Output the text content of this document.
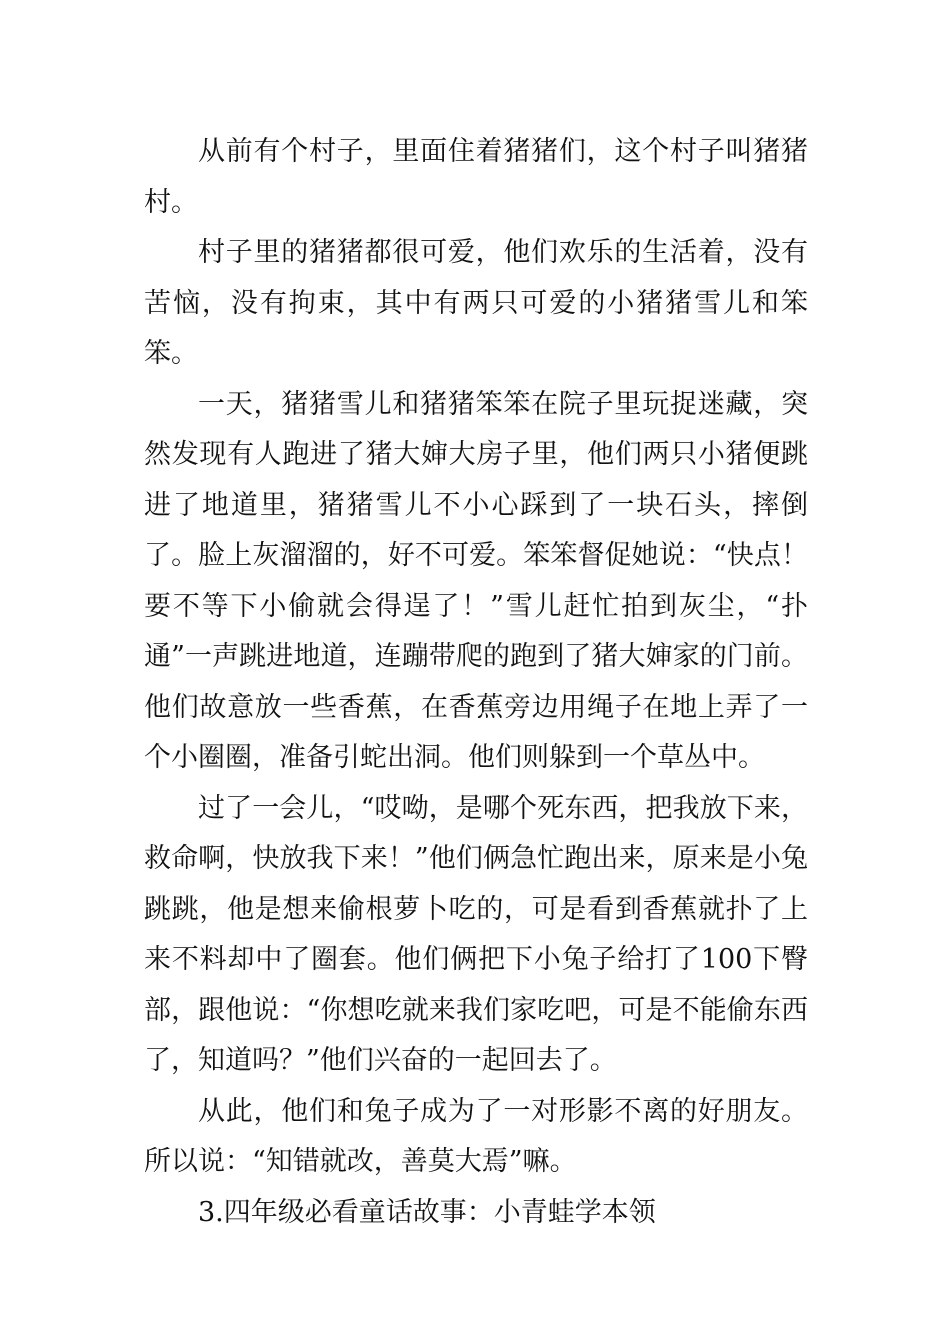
从前有个村子，里面住着猪猪们，这个村子叫猪猪村。

村子里的猪猪都很可爱，他们欢乐的生活着，没有苦恼，没有拘束，其中有两只可爱的小猪猪雪儿和笨笨。

一天，猪猪雪儿和猪猪笨笨在院子里玩捉迷藏，突然发现有人跑进了猪大婶大房子里，他们两只小猪便跳进了地道里，猪猪雪儿不小心踩到了一块石头，摔倒了。脸上灰溜溜的，好不可爱。笨笨督促她说：“快点！要不等下小偷就会得逞了！”雪儿赶忙拍到灰尘，“扑通”一声跳进地道，连蹦带爬的跑到了猪大婶家的门前。他们故意放一些香蕉，在香蕉旁边用绳子在地上弄了一个小圈圈，准备引蛇出洞。他们则躲到一个草丛中。

过了一会儿，“哎呦，是哪个死东西，把我放下来，救命啊，快放我下来！”他们俩急忙跑出来，原来是小兔跳跳，他是想来偷根萝卜吃的，可是看到香蕉就扑了上来不料却中了圈套。他们俩把下小兔子给打了100下臀部，跟他说：“你想吃就来我们家吃吧，可是不能偷东西了，知道吗？”他们兴奋的一起回去了。

从此，他们和兔子成为了一对形影不离的好朋友。所以说：“知错就改，善莫大焉”嘛。

3.四年级必看童话故事：小青蛙学本领
